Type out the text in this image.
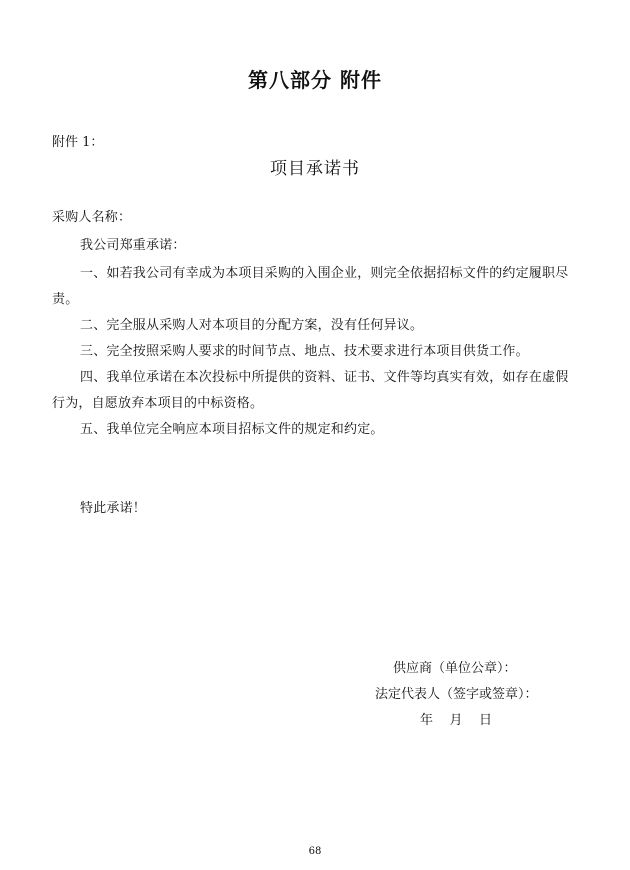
第八部分 附件
附件 1：
项目承诺书
采购人名称：
我公司郑重承诺：
一、如若我公司有幸成为本项目采购的入围企业，则完全依据招标文件的约定履职尽
责。
二、完全服从采购人对本项目的分配方案，没有任何异议。
三、完全按照采购人要求的时间节点、地点、技术要求进行本项目供货工作。
四、我单位承诺在本次投标中所提供的资料、证书、文件等均真实有效，如存在虚假
行为，自愿放弃本项目的中标资格。
五、我单位完全响应本项目招标文件的规定和约定。
特此承诺！
供应商（单位公章）：
法定代表人（签字或签章）：
年    月    日
68
